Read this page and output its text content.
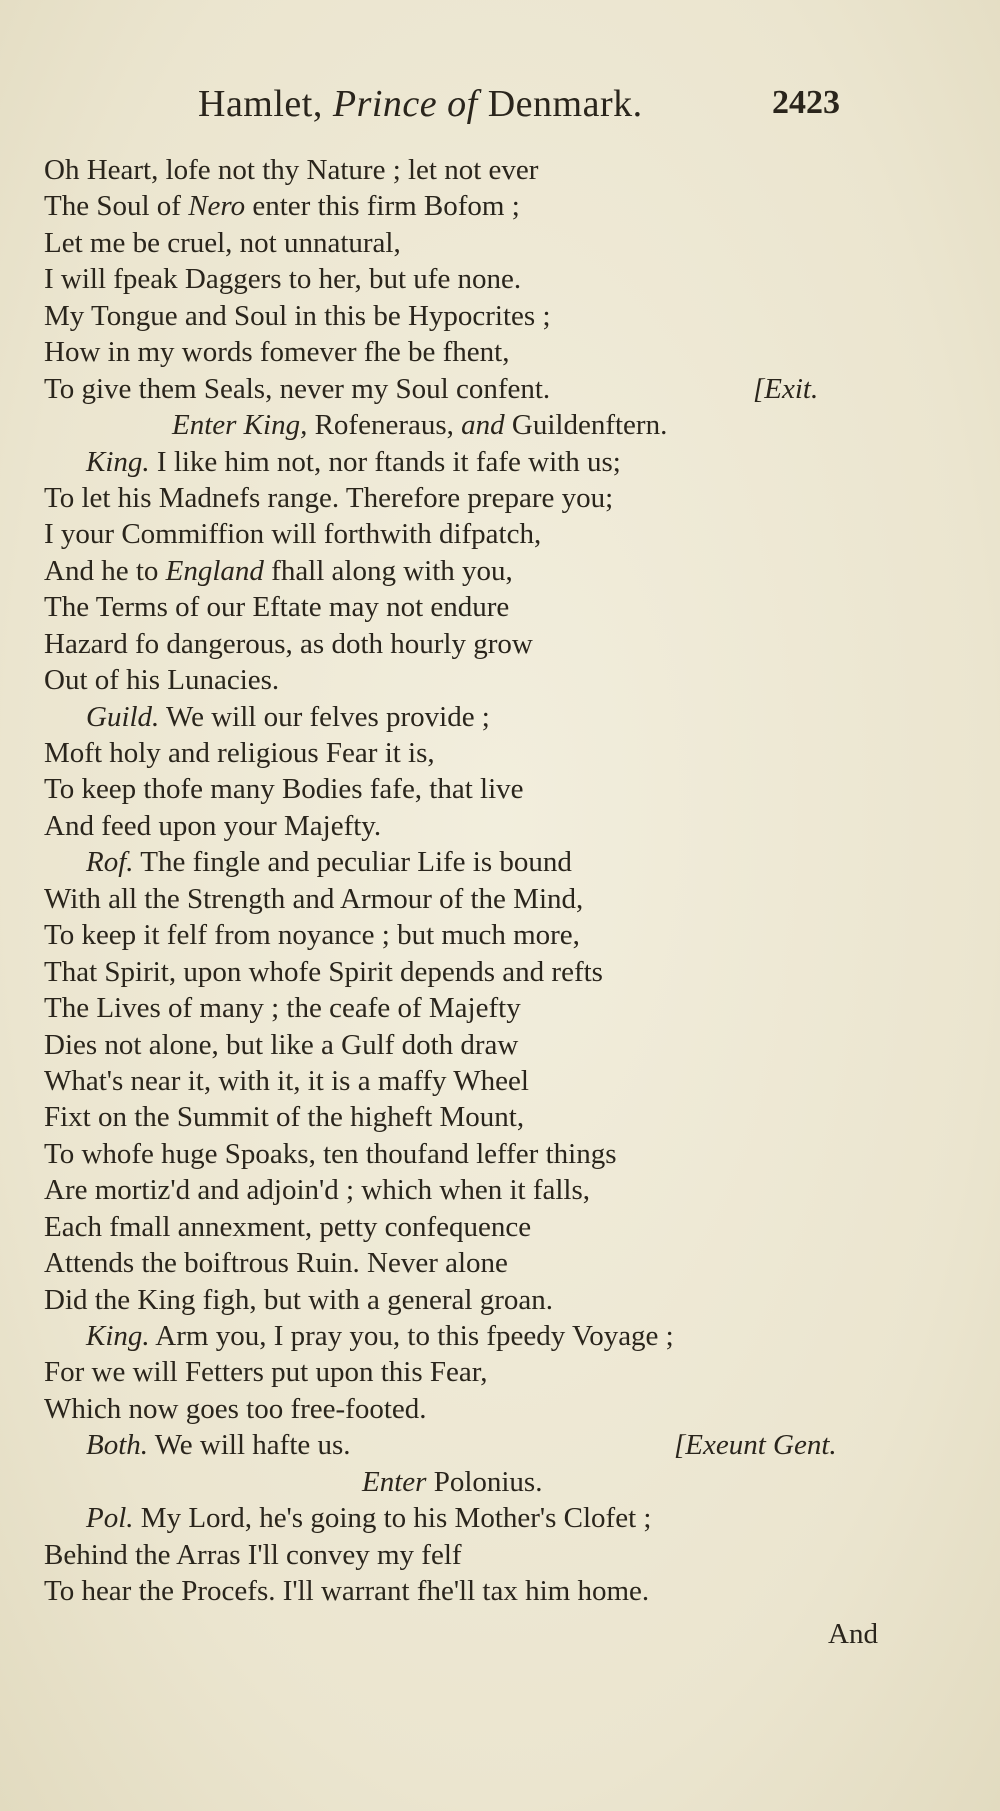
Hamlet, Prince of Denmark.	2423
Oh Heart, lofe not thy Nature ; let not ever
The Soul of Nero enter this firm Bofom ;
Let me be cruel, not unnatural,
I will fpeak Daggers to her, but ufe none.
My Tongue and Soul in this be Hypocrites ;
How in my words fomever fhe be fhent,
To give them Seals, never my Soul confent.	[Exit.
Enter King, Rofeneraus, and Guildenftern.
King. I like him not, nor ftands it fafe with us;
To let his Madnefs range. Therefore prepare you;
I your Commiffion will forthwith difpatch,
And he to England fhall along with you,
The Terms of our Eftate may not endure
Hazard fo dangerous, as doth hourly grow
Out of his Lunacies.
Guild. We will our felves provide ;
Moft holy and religious Fear it is,
To keep thofe many Bodies fafe, that live
And feed upon your Majefty.
Rof. The fingle and peculiar Life is bound
With all the Strength and Armour of the Mind,
To keep it felf from noyance ; but much more,
That Spirit, upon whofe Spirit depends and refts
The Lives of many ; the ceafe of Majefty
Dies not alone, but like a Gulf doth draw
What's near it, with it, it is a maffy Wheel
Fixt on the Summit of the higheft Mount,
To whofe huge Spoaks, ten thoufand leffer things
Are mortiz'd and adjoin'd ; which when it falls,
Each fmall annexment, petty confequence
Attends the boiftrous Ruin. Never alone
Did the King figh, but with a general groan.
King. Arm you, I pray you, to this fpeedy Voyage ;
For we will Fetters put upon this Fear,
Which now goes too free-footed.
Both. We will hafte us.	[Exeunt Gent.
Enter Polonius.
Pol. My Lord, he's going to his Mother's Clofet ;
Behind the Arras I'll convey my felf
To hear the Procefs. I'll warrant fhe'll tax him home.
And
